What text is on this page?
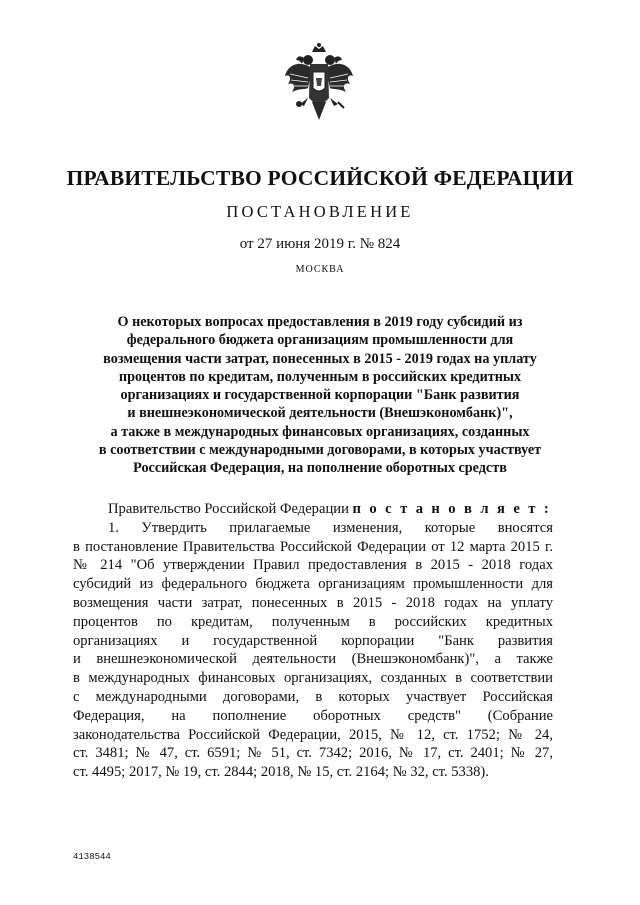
ПРАВИТЕЛЬСТВО РОССИЙСКОЙ ФЕДЕРАЦИИ
ПОСТАНОВЛЕНИЕ
от 27 июня 2019 г. № 824
МОСКВА
О некоторых вопросах предоставления в 2019 году субсидий из
федерального бюджета организациям промышленности для
возмещения части затрат, понесенных в 2015 - 2019 годах на уплату
процентов по кредитам, полученным в российских кредитных
организациях и государственной корпорации "Банк развития
и внешнеэкономической деятельности (Внешэкономбанк)",
а также в международных финансовых организациях, созданных
в соответствии с международными договорами, в которых участвует
Российская Федерация, на пополнение оборотных средств
Правительство Российской Федерации п о с т а н о в л я е т :
1. Утвердить прилагаемые изменения, которые вносятся
в постановление Правительства Российской Федерации от 12 марта 2015 г.
№ 214 "Об утверждении Правил предоставления в 2015 - 2018 годах
субсидий из федерального бюджета организациям промышленности для
возмещения части затрат, понесенных в 2015 - 2018 годах на уплату
процентов по кредитам, полученным в российских кредитных
организациях и государственной корпорации "Банк развития
и внешнеэкономической деятельности (Внешэкономбанк)", а также
в международных финансовых организациях, созданных в соответствии
с международными договорами, в которых участвует Российская
Федерация, на пополнение оборотных средств" (Собрание
законодательства Российской Федерации, 2015, № 12, ст. 1752; № 24,
ст. 3481; № 47, ст. 6591; № 51, ст. 7342; 2016, № 17, ст. 2401; № 27,
ст. 4495; 2017, № 19, ст. 2844; 2018, № 15, ст. 2164; № 32, ст. 5338).
4138544
